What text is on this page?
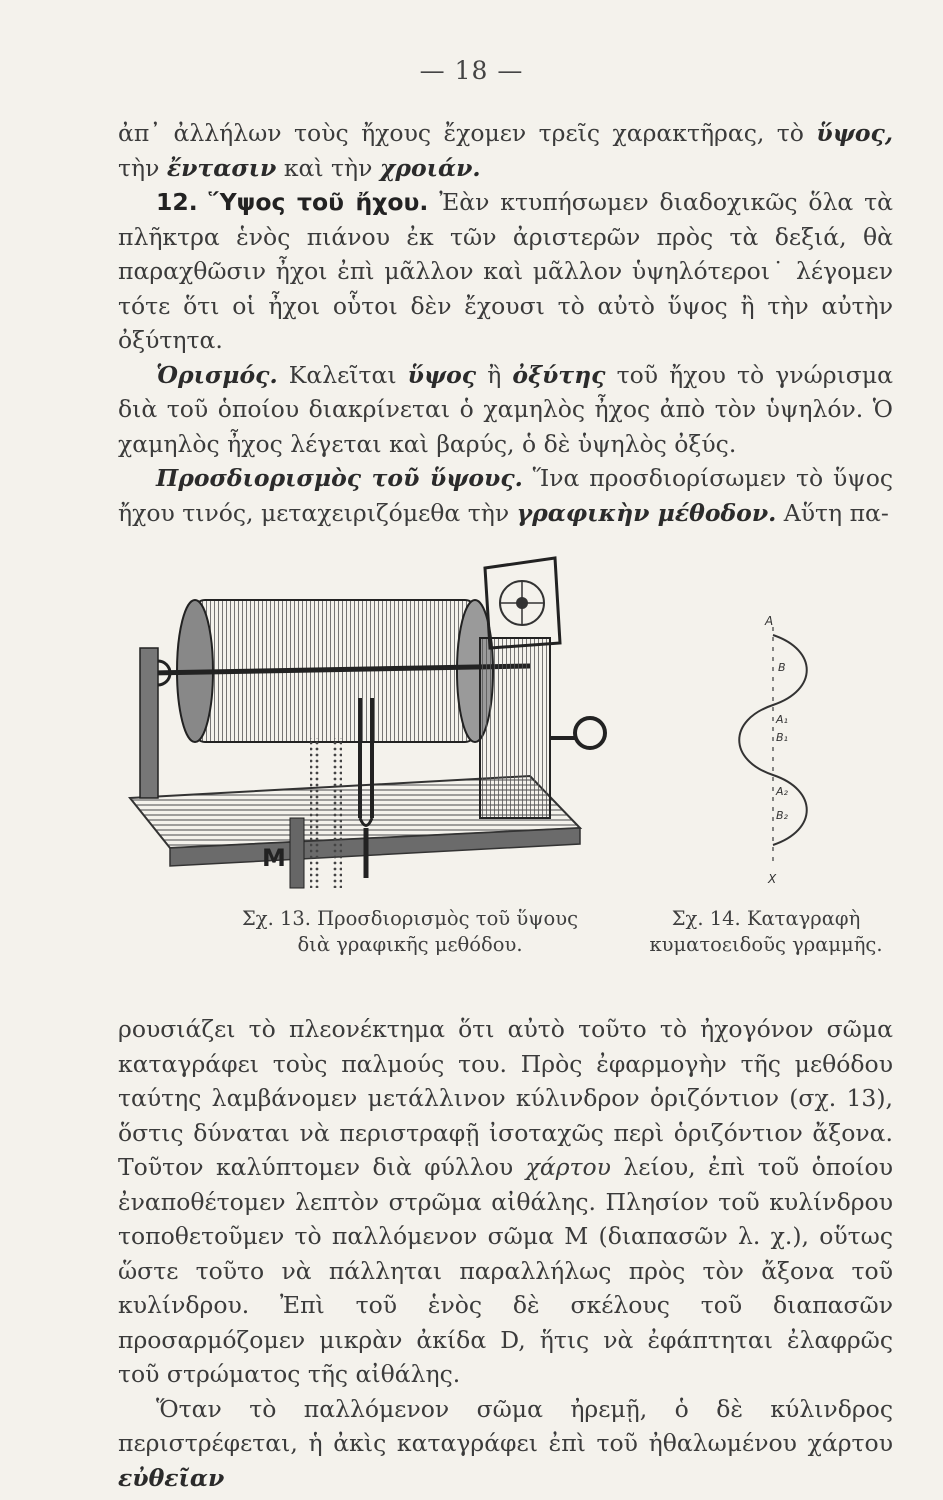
— 18 —

ἀπ᾽ ἀλλήλων τοὺς ἤχους ἔχομεν τρεῖς χαρακτῆρας, τὸ ὕψος, τὴν ἔντασιν καὶ τὴν χροιάν.

12. Ὕψος τοῦ ἤχου. Ἐὰν κτυπήσωμεν διαδοχικῶς ὅλα τὰ πλῆκτρα ἑνὸς πιάνου ἐκ τῶν ἀριστερῶν πρὸς τὰ δεξιά, θὰ παραχθῶσιν ἦχοι ἐπὶ μᾶλλον καὶ μᾶλλον ὑψηλότεροι˙ λέγομεν τότε ὅτι οἱ ἦχοι οὗτοι δὲν ἔχουσι τὸ αὐτὸ ὕψος ἢ τὴν αὐτὴν ὀξύτητα.

Ὁρισμός. Καλεῖται ὕψος ἢ ὀξύτης τοῦ ἤχου τὸ γνώρισμα διὰ τοῦ ὁποίου διακρίνεται ὁ χαμηλὸς ἦχος ἀπὸ τὸν ὑψηλόν. Ὁ χαμηλὸς ἦχος λέγεται καὶ βαρύς, ὁ δὲ ὑψηλὸς ὀξύς.

Προσδιορισμὸς τοῦ ὕψους. Ἵνα προσδιορίσωμεν τὸ ὕψος ἤχου τινός, μεταχειριζόμεθα τὴν γραφικὴν μέθοδον. Αὕτη πα-

M
A
B
A₁
B₁
A₂
B₂
X
Σχ. 13. Προσδιορισμὸς τοῦ ὕψους
διὰ γραφικῆς μεθόδου.
Σχ. 14. Καταγραφὴ
κυματοειδοῦς γραμμῆς.

ρουσιάζει τὸ πλεονέκτημα ὅτι αὐτὸ τοῦτο τὸ ἠχογόνον σῶμα καταγράφει τοὺς παλμούς του. Πρὸς ἐφαρμογὴν τῆς μεθόδου ταύτης λαμβάνομεν μετάλλινον κύλινδρον ὁριζόντιον (σχ. 13), ὅστις δύναται νὰ περιστραφῇ ἰσοταχῶς περὶ ὁριζόντιον ἄξονα. Τοῦτον καλύπτομεν διὰ φύλλου χάρτου λείου, ἐπὶ τοῦ ὁποίου ἐναποθέτομεν λεπτὸν στρῶμα αἰθάλης. Πλησίον τοῦ κυλίνδρου τοποθετοῦμεν τὸ παλλόμενον σῶμα Μ (διαπασῶν λ. χ.), οὕτως ὥστε τοῦτο νὰ πάλληται παραλλήλως πρὸς τὸν ἄξονα τοῦ κυλίνδρου. Ἐπὶ τοῦ ἑνὸς δὲ σκέλους τοῦ διαπασῶν προσαρμόζομεν μικρὰν ἀκίδα D, ἥτις νὰ ἐφάπτηται ἐλαφρῶς τοῦ στρώματος τῆς αἰθάλης.

Ὅταν τὸ παλλόμενον σῶμα ἠρεμῇ, ὁ δὲ κύλινδρος περιστρέφεται, ἡ ἀκὶς καταγράφει ἐπὶ τοῦ ἠθαλωμένου χάρτου εὐθεῖαν
